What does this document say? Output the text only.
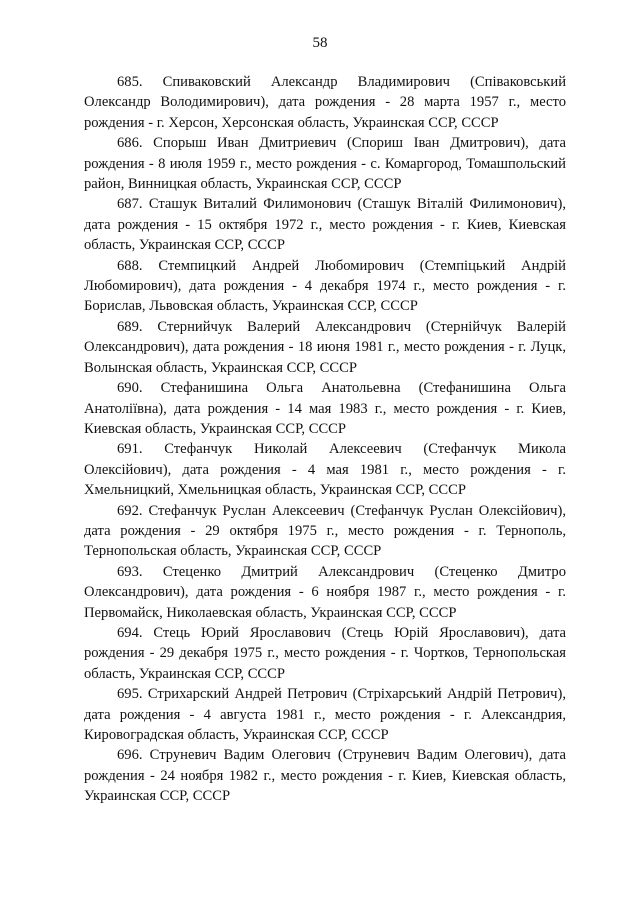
58

685. Спиваковский Александр Владимирович (Співаковський Олександр Володимирович), дата рождения - 28 марта 1957 г., место рождения - г. Херсон, Херсонская область, Украинская ССР, СССР

686. Спорыш Иван Дмитриевич (Спориш Іван Дмитрович), дата рождения - 8 июля 1959 г., место рождения - с. Комаргород, Томашпольский район, Винницкая область, Украинская ССР, СССР

687. Сташук Виталий Филимонович (Сташук Віталій Филимонович), дата рождения - 15 октября 1972 г., место рождения - г. Киев, Киевская область, Украинская ССР, СССР

688. Стемпицкий Андрей Любомирович (Стемпіцький Андрій Любомирович), дата рождения - 4 декабря 1974 г., место рождения - г. Борислав, Львовская область, Украинская ССР, СССР

689. Стернийчук Валерий Александрович (Стернійчук Валерій Олександрович), дата рождения - 18 июня 1981 г., место рождения - г. Луцк, Волынская область, Украинская ССР, СССР

690. Стефанишина Ольга Анатольевна (Стефанишина Ольга Анатоліївна), дата рождения - 14 мая 1983 г., место рождения - г. Киев, Киевская область, Украинская ССР, СССР

691. Стефанчук Николай Алексеевич (Стефанчук Микола Олексійович), дата рождения - 4 мая 1981 г., место рождения - г. Хмельницкий, Хмельницкая область, Украинская ССР, СССР

692. Стефанчук Руслан Алексеевич (Стефанчук Руслан Олексійович), дата рождения - 29 октября 1975 г., место рождения - г. Тернополь, Тернопольская область, Украинская ССР, СССР

693. Стеценко Дмитрий Александрович (Стеценко Дмитро Олександрович), дата рождения - 6 ноября 1987 г., место рождения - г. Первомайск, Николаевская область, Украинская ССР, СССР

694. Стець Юрий Ярославович (Стець Юрій Ярославович), дата рождения - 29 декабря 1975 г., место рождения - г. Чортков, Тернопольская область, Украинская ССР, СССР

695. Стрихарский Андрей Петрович (Стріхарський Андрій Петрович), дата рождения - 4 августа 1981 г., место рождения - г. Александрия, Кировоградская область, Украинская ССР, СССР

696. Струневич Вадим Олегович (Струневич Вадим Олегович), дата рождения - 24 ноября 1982 г., место рождения - г. Киев, Киевская область, Украинская ССР, СССР
